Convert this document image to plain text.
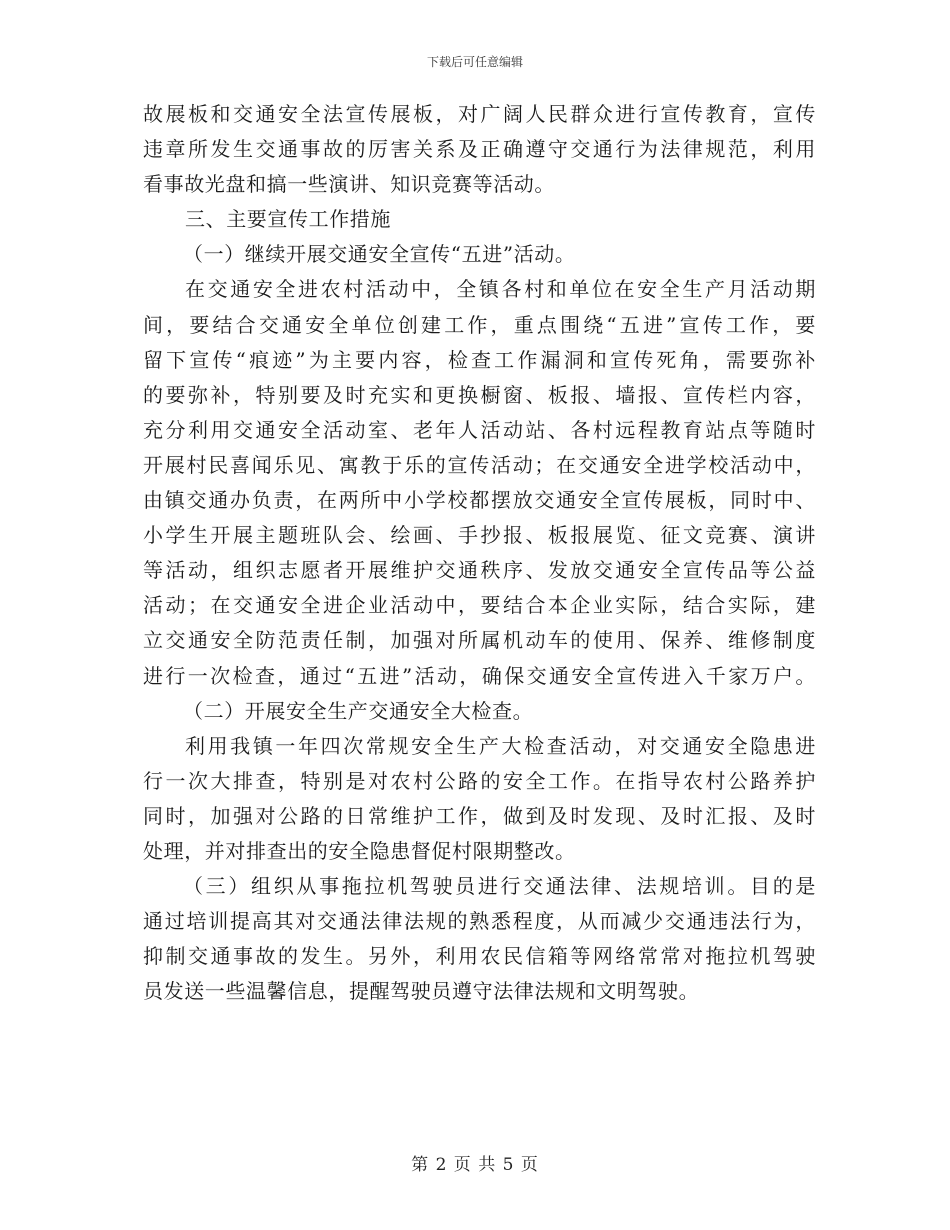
下载后可任意编辑
故展板和交通安全法宣传展板，对广阔人民群众进行宣传教育，宣传
违章所发生交通事故的厉害关系及正确遵守交通行为法律规范，利用
看事故光盘和搞一些演讲、知识竞赛等活动。
三、主要宣传工作措施
（一）继续开展交通安全宣传“五进”活动。
在交通安全进农村活动中，全镇各村和单位在安全生产月活动期
间，要结合交通安全单位创建工作，重点围绕“五进”宣传工作，要
留下宣传“痕迹”为主要内容，检查工作漏洞和宣传死角，需要弥补
的要弥补，特别要及时充实和更换橱窗、板报、墙报、宣传栏内容，
充分利用交通安全活动室、老年人活动站、各村远程教育站点等随时
开展村民喜闻乐见、寓教于乐的宣传活动；在交通安全进学校活动中，
由镇交通办负责，在两所中小学校都摆放交通安全宣传展板，同时中、
小学生开展主题班队会、绘画、手抄报、板报展览、征文竞赛、演讲
等活动，组织志愿者开展维护交通秩序、发放交通安全宣传品等公益
活动；在交通安全进企业活动中，要结合本企业实际，结合实际，建
立交通安全防范责任制，加强对所属机动车的使用、保养、维修制度
进行一次检查，通过“五进”活动，确保交通安全宣传进入千家万户。
（二）开展安全生产交通安全大检查。
利用我镇一年四次常规安全生产大检查活动，对交通安全隐患进
行一次大排查，特别是对农村公路的安全工作。在指导农村公路养护
同时，加强对公路的日常维护工作，做到及时发现、及时汇报、及时
处理，并对排查出的安全隐患督促村限期整改。
（三）组织从事拖拉机驾驶员进行交通法律、法规培训。目的是
通过培训提高其对交通法律法规的熟悉程度，从而减少交通违法行为，
抑制交通事故的发生。另外，利用农民信箱等网络常常对拖拉机驾驶
员发送一些温馨信息，提醒驾驶员遵守法律法规和文明驾驶。
第 2 页 共 5 页
